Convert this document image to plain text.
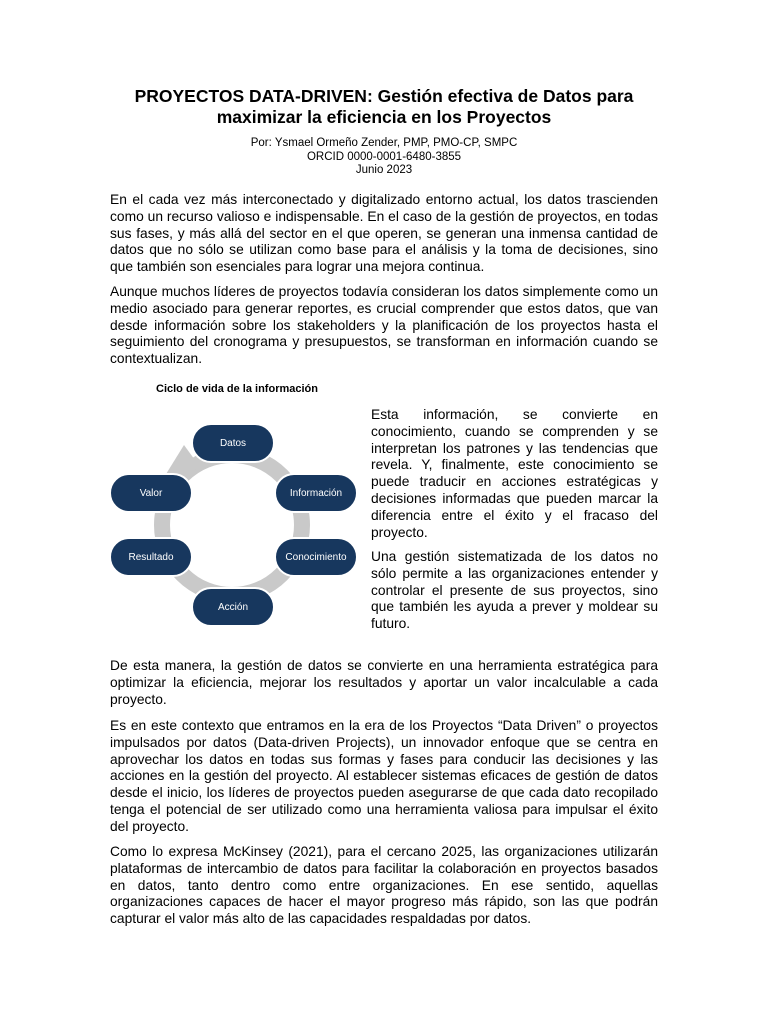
PROYECTOS DATA-DRIVEN: Gestión efectiva de Datos para
maximizar la eficiencia en los Proyectos
Por: Ysmael Ormeño Zender, PMP, PMO-CP, SMPC
ORCID 0000-0001-6480-3855
Junio 2023

En el cada vez más interconectado y digitalizado entorno actual, los datos trascienden como un recurso valioso e indispensable. En el caso de la gestión de proyectos, en todas sus fases, y más allá del sector en el que operen, se generan una inmensa cantidad de datos que no sólo se utilizan como base para el análisis y la toma de decisiones, sino que también son esenciales para lograr una mejora continua.

Aunque muchos líderes de proyectos todavía consideran los datos simplemente como un medio asociado para generar reportes, es crucial comprender que estos datos, que van desde información sobre los stakeholders y la planificación de los proyectos hasta el seguimiento del cronograma y presupuestos, se transforman en información cuando se contextualizan.

Ciclo de vida de la información
Datos
Información
Conocimiento
Acción
Resultado
Valor

Esta información, se convierte en conocimiento, cuando se comprenden y se interpretan los patrones y las tendencias que revela. Y, finalmente, este conocimiento se puede traducir en acciones estratégicas y decisiones informadas que pueden marcar la diferencia entre el éxito y el fracaso del proyecto.

Una gestión sistematizada de los datos no sólo permite a las organizaciones entender y controlar el presente de sus proyectos, sino que también les ayuda a prever y moldear su futuro.

De esta manera, la gestión de datos se convierte en una herramienta estratégica para optimizar la eficiencia, mejorar los resultados y aportar un valor incalculable a cada proyecto.

Es en este contexto que entramos en la era de los Proyectos “Data Driven” o proyectos impulsados por datos (Data-driven Projects), un innovador enfoque que se centra en aprovechar los datos en todas sus formas y fases para conducir las decisiones y las acciones en la gestión del proyecto. Al establecer sistemas eficaces de gestión de datos desde el inicio, los líderes de proyectos pueden asegurarse de que cada dato recopilado tenga el potencial de ser utilizado como una herramienta valiosa para impulsar el éxito del proyecto.

Como lo expresa McKinsey (2021), para el cercano 2025, las organizaciones utilizarán plataformas de intercambio de datos para facilitar la colaboración en proyectos basados en datos, tanto dentro como entre organizaciones. En ese sentido, aquellas organizaciones capaces de hacer el mayor progreso más rápido, son las que podrán capturar el valor más alto de las capacidades respaldadas por datos.
